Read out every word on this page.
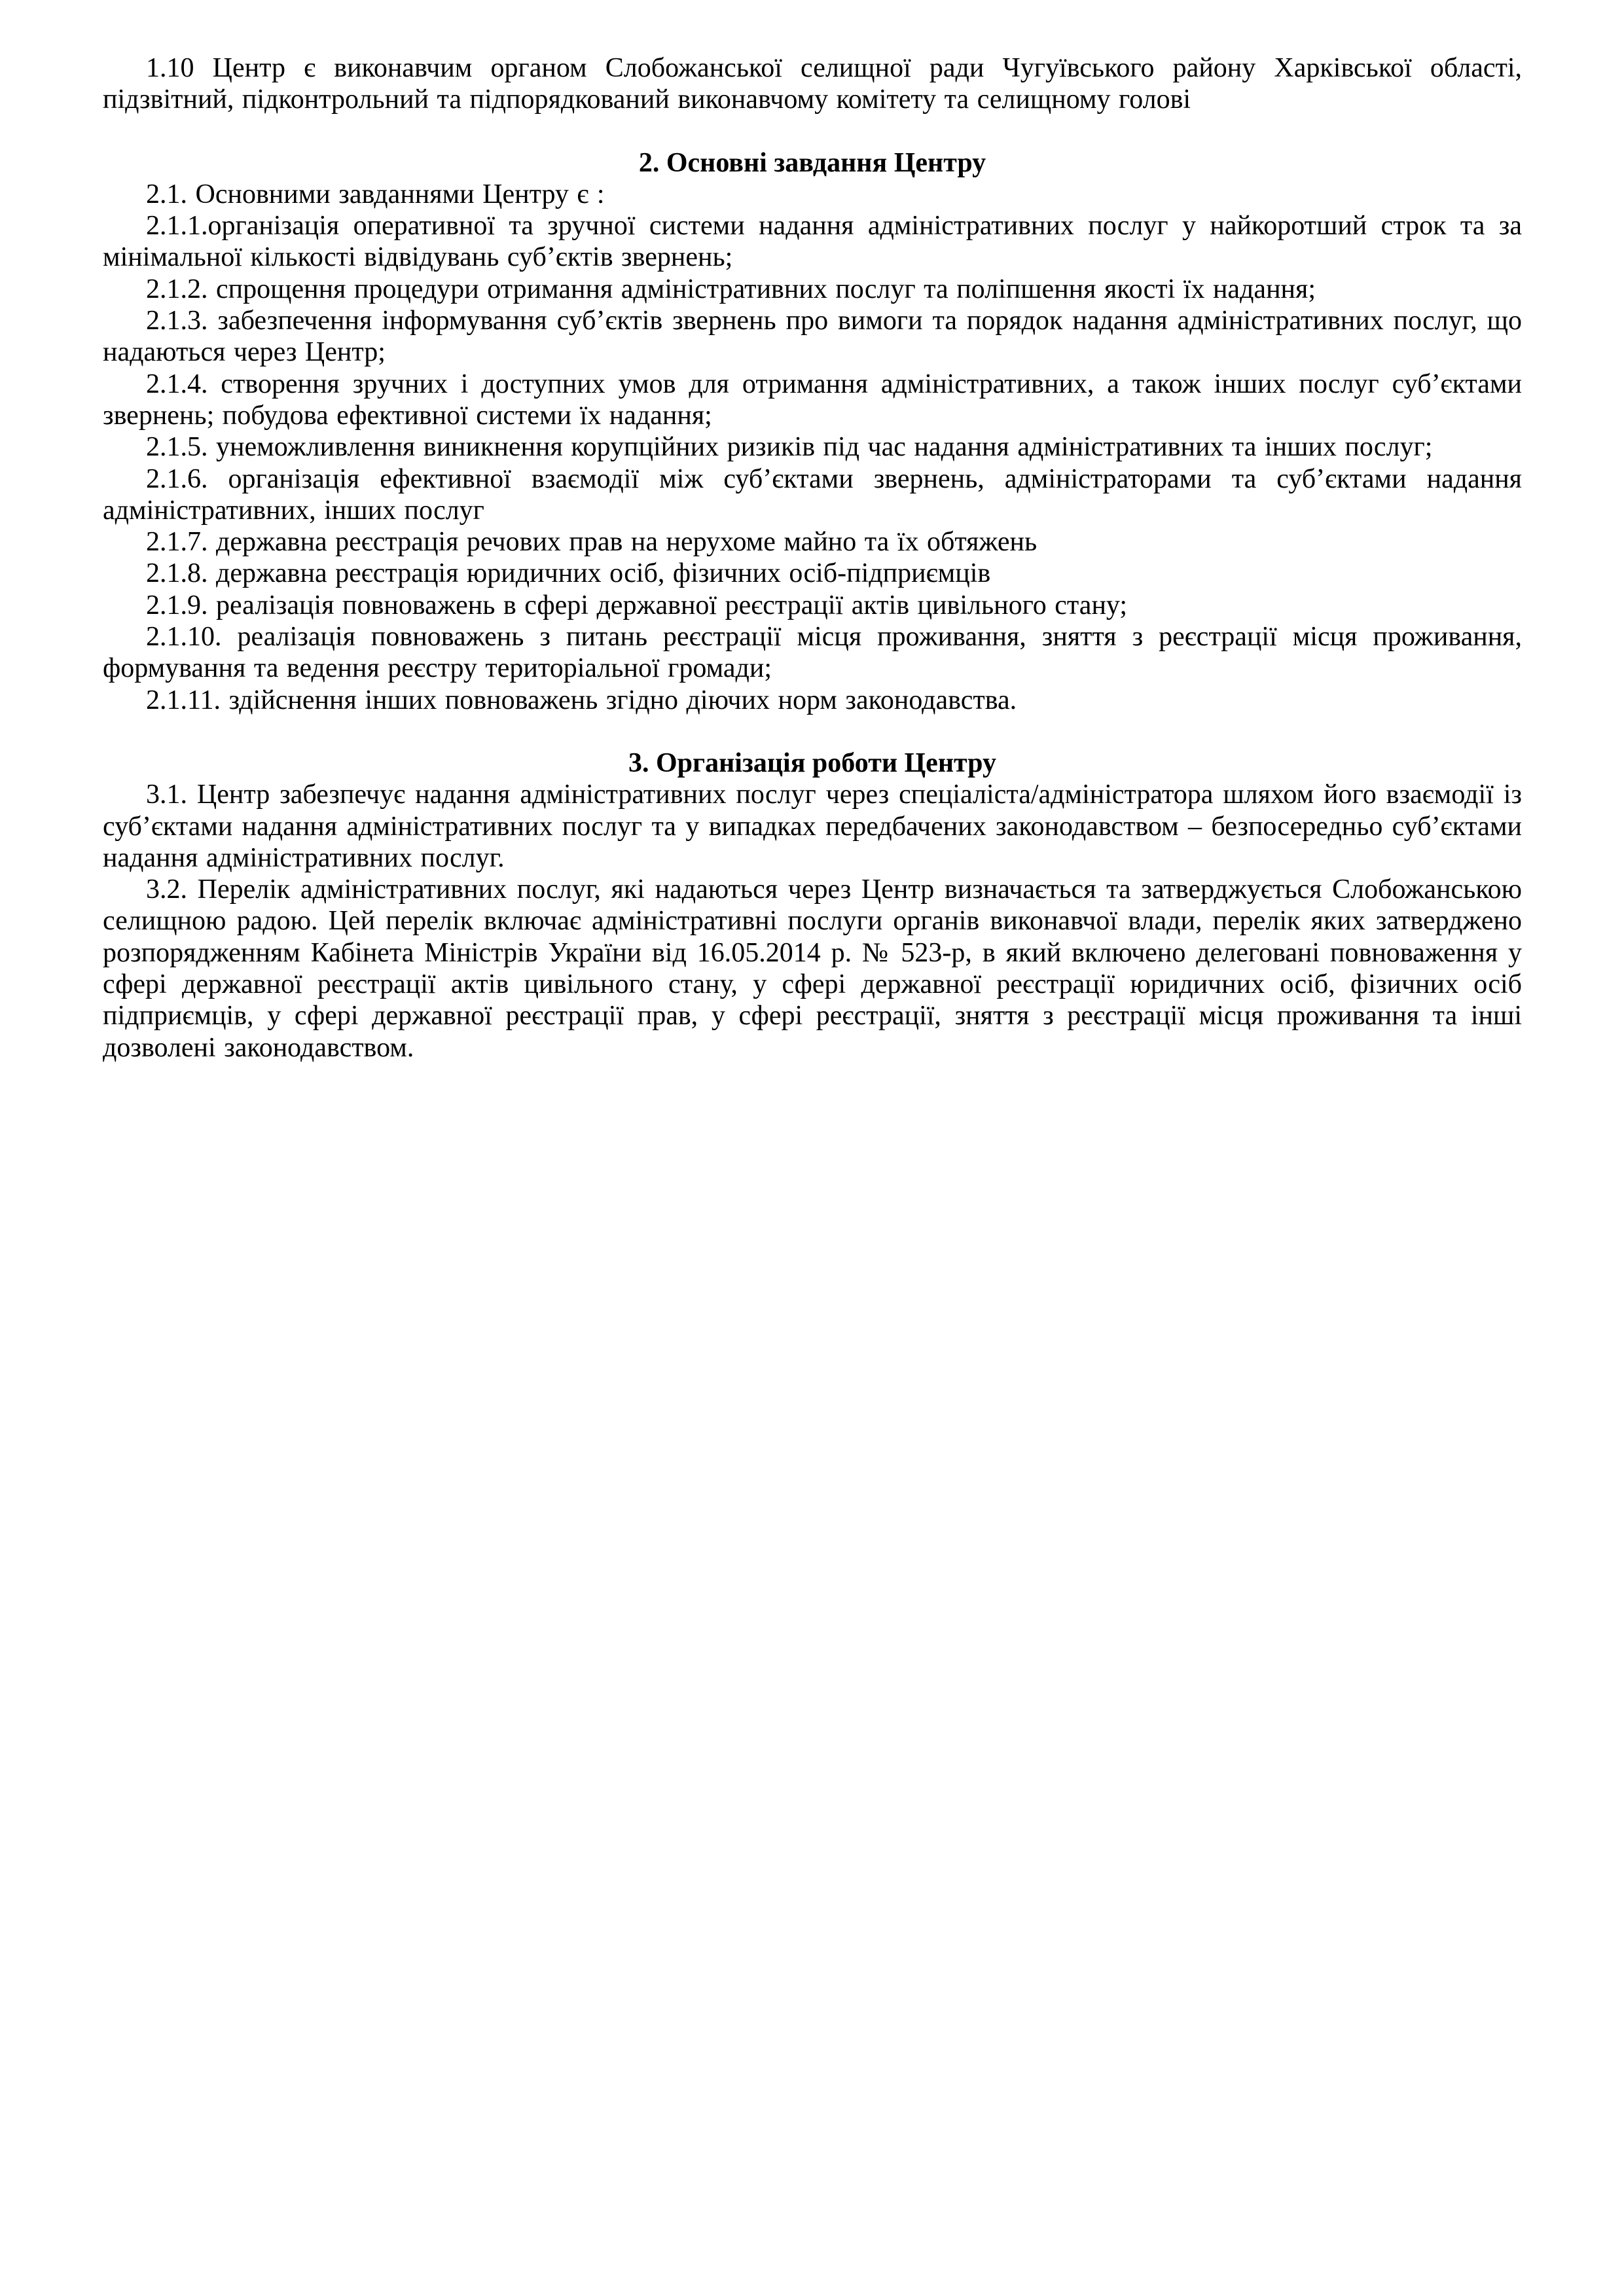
1.10 Центр є виконавчим органом Слобожанської селищної ради Чугуївського району Харківської області, підзвітний, підконтрольний та підпорядкований виконавчому комітету та селищному голові

2. Основні завдання Центру

2.1. Основними завданнями Центру є :

2.1.1.організація оперативної та зручної системи надання адміністративних послуг у найкоротший строк та за мінімальної кількості відвідувань суб’єктів звернень;

2.1.2. спрощення процедури отримання адміністративних послуг та поліпшення якості їх надання;

2.1.3. забезпечення інформування суб’єктів звернень про вимоги та порядок надання адміністративних послуг, що надаються через Центр;

2.1.4. створення зручних і доступних умов для отримання адміністративних, а також інших послуг суб’єктами звернень; побудова ефективної системи їх надання;

2.1.5. унеможливлення виникнення корупційних ризиків під час надання адміністративних та інших послуг;

2.1.6. організація ефективної взаємодії між суб’єктами звернень, адміністраторами та суб’єктами надання адміністративних, інших послуг

2.1.7. державна реєстрація речових прав на нерухоме майно та їх обтяжень

2.1.8. державна реєстрація юридичних осіб, фізичних осіб-підприємців

2.1.9. реалізація повноважень в сфері державної реєстрації актів цивільного стану;

2.1.10. реалізація повноважень з питань реєстрації місця проживання, зняття з реєстрації місця проживання, формування та ведення реєстру територіальної громади;

2.1.11. здійснення інших повноважень згідно діючих норм законодавства.

3. Організація роботи Центру

3.1. Центр забезпечує надання адміністративних послуг через спеціаліста/адміністратора шляхом його взаємодії із суб’єктами надання адміністративних послуг та у випадках передбачених законодавством – безпосередньо суб’єктами надання адміністративних послуг.

3.2. Перелік адміністративних послуг, які надаються через Центр визначається та затверджується Слобожанською селищною радою. Цей перелік включає адміністративні послуги органів виконавчої влади, перелік яких затверджено розпорядженням Кабінета Міністрів України від 16.05.2014 р. № 523-р, в який включено делеговані повноваження у сфері державної реєстрації актів цивільного стану, у сфері державної реєстрації юридичних осіб, фізичних осіб підприємців, у сфері державної реєстрації прав, у сфері реєстрації, зняття з реєстрації місця проживання та інші дозволені законодавством.
